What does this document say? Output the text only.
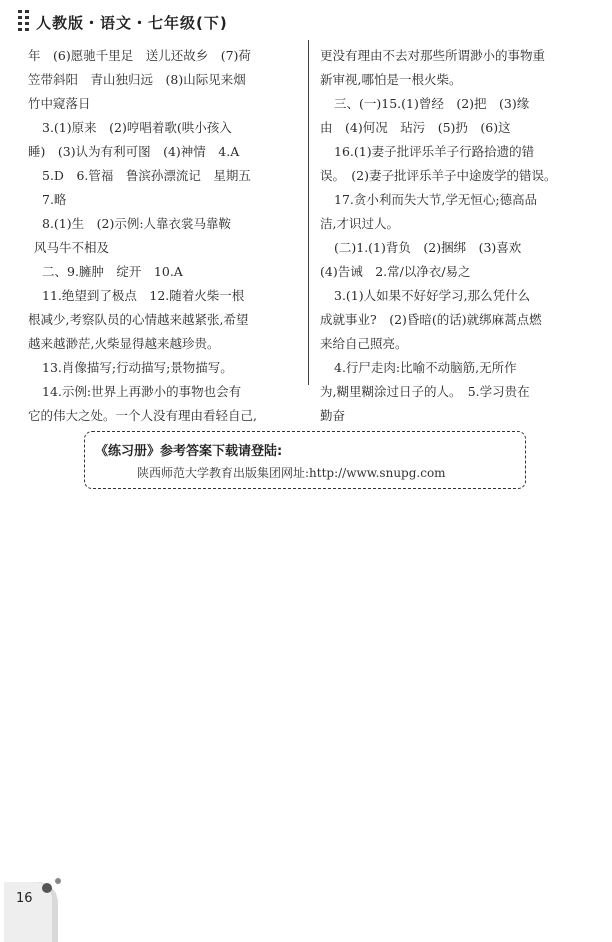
人教版・语文・七年级(下)
年　(6)愿驰千里足　送儿还故乡　(7)荷
笠带斜阳　青山独归远　(8)山际见来烟
竹中窥落日
3.(1)原来　(2)哼唱着歌(哄小孩入
睡)　(3)认为有利可图　(4)神情　4.A
5.D　6.管福　鲁滨孙漂流记　星期五
7.略
8.(1)生　(2)示例:人靠衣裳马靠鞍
风马牛不相及
二、9.臃肿　绽开　10.A
11.绝望到了极点　12.随着火柴一根
根减少,考察队员的心情越来越紧张,希望
越来越渺茫,火柴显得越来越珍贵。
13.肖像描写;行动描写;景物描写。
14.示例:世界上再渺小的事物也会有
它的伟大之处。一个人没有理由看轻自己,
更没有理由不去对那些所谓渺小的事物重
新审视,哪怕是一根火柴。
三、(一)15.(1)曾经　(2)把　(3)缘
由　(4)何况　玷污　(5)扔　(6)这
16.(1)妻子批评乐羊子行路拾遗的错
误。　(2)妻子批评乐羊子中途废学的错误。
17.贪小利而失大节,学无恒心;德高品
洁,才识过人。
(二)1.(1)背负　(2)捆绑　(3)喜欢
(4)告诫　2.常/以净衣/易之
3.(1)人如果不好好学习,那么凭什么
成就事业?　(2)昏暗(的话)就绑麻蒿点燃
来给自己照亮。
4.行尸走肉:比喻不动脑筋,无所作
为,糊里糊涂过日子的人。　5.学习贵在
勤奋
《练习册》参考答案下载请登陆:
陕西师范大学教育出版集团网址:http://www.snupg.com
16
